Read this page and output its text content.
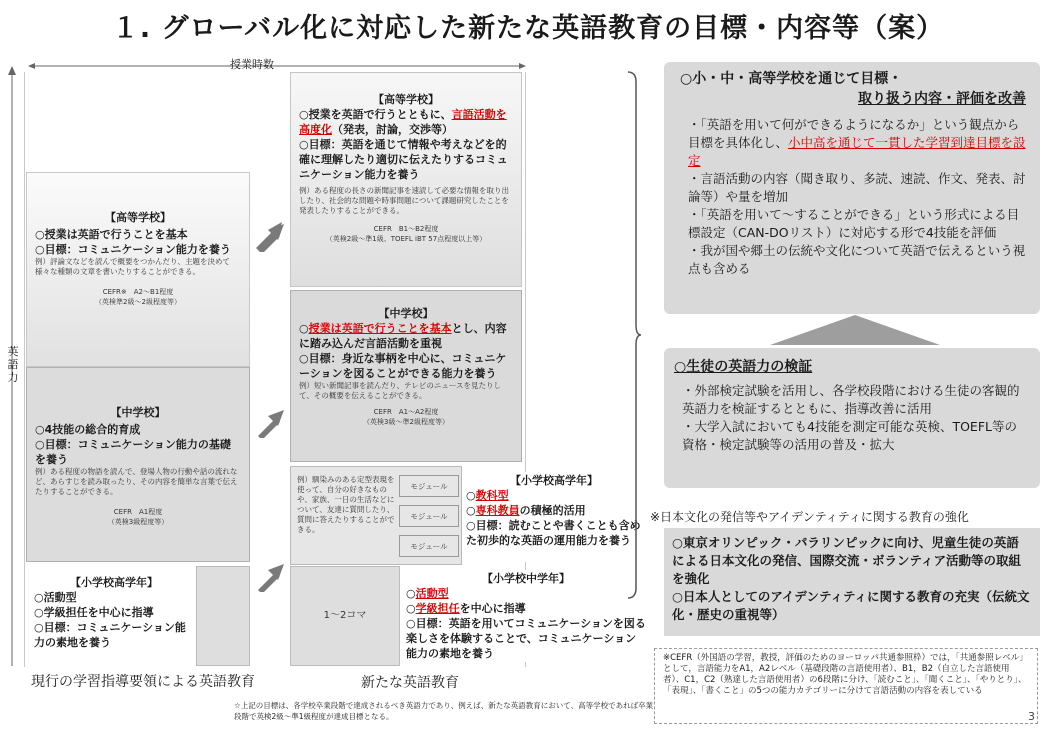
１. グローバル化に対応した新たな英語教育の目標・内容等（案）
授業時数
英語力
【高等学校】
○授業は英語で行うことを基本
○目標：コミュニケーション能力を養う
例）評論文などを読んで概要をつかんだり、主題を決めて様々な種類の文章を書いたりすることができる。
CEFR※　A2〜B1程度
（英検準2級〜2級程度等）
【中学校】
○4技能の総合的育成
○目標：コミュニケーション能力の基礎を養う
例）ある程度の物語を読んで、登場人物の行動や話の流れなど、あらすじを読み取ったり、その内容を簡単な言葉で伝えたりすることができる。
CEFR　A1程度
（英検3級程度等）
【小学校高学年】
○活動型
○学級担任を中心に指導
○目標：コミュニケーション能力の素地を養う
【高等学校】
○授業を英語で行うとともに、言語活動を高度化（発表，討論，交渉等）
○目標：英語を通じて情報や考えなどを的確に理解したり適切に伝えたりするコミュニケーション能力を養う
例）ある程度の長さの新聞記事を速読して必要な情報を取り出したり、社会的な問題や時事問題について課題研究したことを発表したりすることができる。
CEFR　B1〜B2程度
（英検2級〜準1級、TOEFL iBT 57点程度以上等）
【中学校】
○授業は英語で行うことを基本とし、内容に踏み込んだ言語活動を重視
○目標：身近な事柄を中心に、コミュニケーションを図ることができる能力を養う
例）短い新聞記事を読んだり、テレビのニュースを見たりして、その概要を伝えることができる。
CEFR　A1〜A2程度
（英検3級〜準2級程度等）
例）馴染みのある定型表現を使って、自分の好きなものや、家族、一日の生活などについて、友達に質問したり、質問に答えたりすることができる。
モジュール
モジュール
モジュール
【小学校高学年】
○教科型
○専科教員の積極的活用
○目標：読むことや書くことも含めた初歩的な英語の運用能力を養う
1〜2コマ
【小学校中学年】
○活動型
○学級担任を中心に指導
○目標：英語を用いてコミュニケーションを図る楽しさを体験することで、コミュニケーション能力の素地を養う
現行の学習指導要領による英語教育	新たな英語教育
☆上記の目標は、各学校卒業段階で達成されるべき英語力であり、例えば、新たな英語教育において、高等学校であれば卒業段階で英検2級〜準1級程度が達成目標となる。
○小・中・高等学校を通じて目標・
取り扱う内容・評価を改善
・「英語を用いて何ができるようになるか」という観点から目標を具体化し、小中高を通じて一貫した学習到達目標を設定
・言語活動の内容（聞き取り、多読、速読、作文、発表、討論等）や量を増加
・「英語を用いて〜することができる」という形式による目標設定（CAN-DOリスト）に対応する形で4技能を評価
・我が国や郷土の伝統や文化について英語で伝えるという視点も含める
○生徒の英語力の検証
・外部検定試験を活用し、各学校段階における生徒の客観的英語力を検証するとともに、指導改善に活用
・大学入試においても4技能を測定可能な英検、TOEFL等の資格・検定試験等の活用の普及・拡大
※日本文化の発信等やアイデンティティに関する教育の強化
○東京オリンピック・パラリンピックに向け、児童生徒の英語による日本文化の発信、国際交流・ボランティア活動等の取組を強化
○日本人としてのアイデンティティに関する教育の充実（伝統文化・歴史の重視等）
※CEFR（外国語の学習，教授，評価のためのヨーロッパ共通参照枠）では，「共通参照レベル」として，言語能力をA1，A2レベル（基礎段階の言語使用者）、B1，B2（自立した言語使用者）、C1，C2（熟達した言語使用者）の6段階に分け、「読むこと」、「聞くこと」、「やりとり」、「表現」、「書くこと」の5つの能力カテゴリーに分けて言語活動の内容を表している
3
